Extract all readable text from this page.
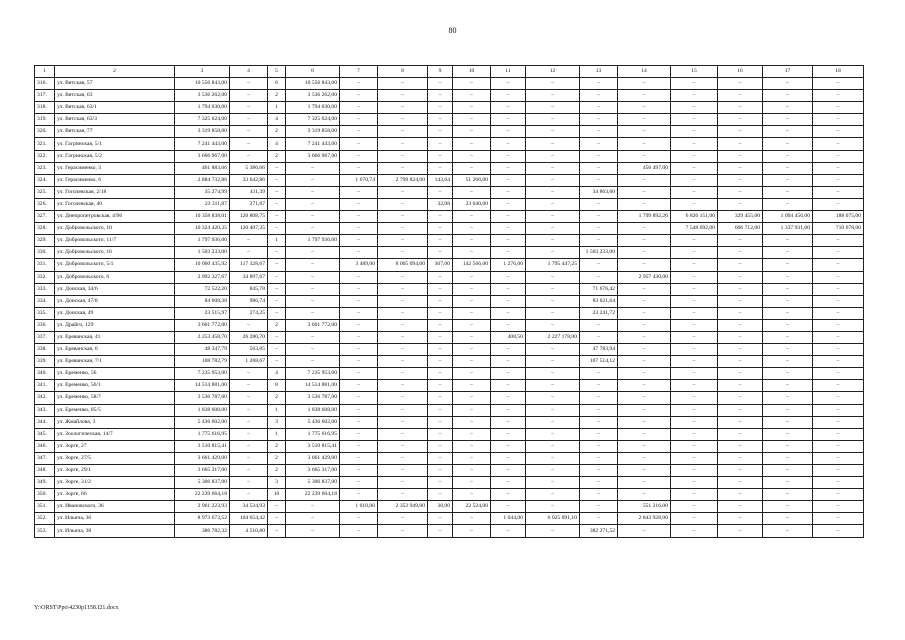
80
1	2	3	4	5	6	7	8	9	10	11	12	13	14	15	16	17	18
316.	ул. Вятская, 57	10 556 843,00	–	6	10 556 843,00	–	–	–	–	–	–	–	–	–	–	–	–
317.	ул. Вятская, 63	3 536 262,00	–	2	3 536 262,00	–	–	–	–	–	–	–	–	–	–	–	–
318.	ул. Вятская, 63/1	1 794 030,00	–	1	1 794 030,00	–	–	–	–	–	–	–	–	–	–	–	–
319.	ул. Вятская, 63/3	7 325 624,00	–	4	7 325 624,00	–	–	–	–	–	–	–	–	–	–	–	–
320.	ул. Вятская, 77	3 319 858,00	–	2	3 319 858,00	–	–	–	–	–	–	–	–	–	–	–	–
321.	ул. Гагринская, 5/1	7 241 443,00	–	4	7 241 443,00	–	–	–	–	–	–	–	–	–	–	–	–
322.	ул. Гагринская, 5/2	3 666 967,00	–	2	3 666 967,00	–	–	–	–	–	–	–	–	–	–	–	–
323.	ул. Герасименко, 3	461 883,66	5 386,66	–	–	–	–	–	–	–	–	–	456 497,00	–	–	–	–
324.	ул. Герасименко, 6	2 884 732,86	33 642,86	–	–	1 670,74	2 799 824,00	143,64	51 266,00	–	–	–	–	–	–	–	–
325.	ул. Гоголевская, 2/18	35 274,99	411,39	–	–	–	–	–	–	–	–	34 863,60	–	–	–	–	–
326.	ул. Гоголевская, 40	23 311,87	271,87	–	–	–	–	32,08	23 040,00	–	–	–	–	–	–	–	–
327.	ул. Днепропетровская, 4/96	10 358 838,01	120 808,75	–	–	–	–	–	–	–	–	–	1 799 892,26	6 826 151,00	329 455,00	1 094 456,00	188 075,00
328.	ул. Добровольского, 10	10 324 420,35	120 407,35	–	–	–	–	–	–	–	–	–	–	7 548 692,00	606 712,00	1 337 931,00	710 678,00
329.	ул. Добровольского, 11/7	1 797 936,00	–	1	1 797 936,00	–	–	–	–	–	–	–	–	–	–	–	–
330.	ул. Добровольского, 16	1 503 233,00	–	–	–	–	–	–	–	–	–	1 503 233,00	–	–	–	–	–
331.	ул. Добровольского, 5/1	10 060 435,92	117 328,67	–	–	3 489,00	8 005 094,00	367,00	142 566,00	1 276,00	1 795 447,25	–	–	–	–	–	–
332.	ул. Добровольского, 6	2 992 327,67	34 897,67	–	–	–	–	–	–	–	–	–	2 957 430,00	–	–	–	–
333.	ул. Донская, 34/6	72 522,20	845,78	–	–	–	–	–	–	–	–	71 676,42	–	–	–	–	–
334.	ул. Донская, 47/8	84 608,38	986,74	–	–	–	–	–	–	–	–	83 621,64	–	–	–	–	–
335.	ул. Донская, 49	23 515,97	274,25	–	–	–	–	–	–	–	–	23 241,72	–	–	–	–	–
336.	ул. Драйго, 129	3 601 772,00	–	2	3 601 772,00	–	–	–	–	–	–	–	–	–	–	–	–
337.	ул. Ереванская, 41	2 253 458,70	26 280,70	–	–	–	–	–	–	408,50	2 227 178,00	–	–	–	–	–	–
338.	ул. Ереванская, 6	48 347,79	563,85	–	–	–	–	–	–	–	–	47 783,94	–	–	–	–	–
339.	ул. Ереванская, 7/1	108 782,79	1 268,67	–	–	–	–	–	–	–	–	107 514,12	–	–	–	–	–
340.	ул. Еременко, 56	7 235 953,00	–	4	7 235 953,00	–	–	–	–	–	–	–	–	–	–	–	–
341.	ул. Еременко, 56/1	14 514 881,00	–	8	14 514 881,00	–	–	–	–	–	–	–	–	–	–	–	–
342.	ул. Еременко, 58/7	3 536 787,00	–	2	3 536 787,00	–	–	–	–	–	–	–	–	–	–	–	–
343.	ул. Еременко, 85/5	1 838 608,00	–	1	1 838 608,00	–	–	–	–	–	–	–	–	–	–	–	–
344.	ул. Жмайлова, 3	5 436 602,00	–	3	5 436 602,00	–	–	–	–	–	–	–	–	–	–	–	–
345.	ул. Зоологическая, 14/7	1 775 616,95	–	1	1 775 616,95	–	–	–	–	–	–	–	–	–	–	–	–
346.	ул. Зорге, 27	3 510 815,41	–	2	3 510 815,41	–	–	–	–	–	–	–	–	–	–	–	–
347.	ул. Зорге, 27/5	3 661 429,00	–	2	3 661 429,00	–	–	–	–	–	–	–	–	–	–	–	–
348.	ул. Зорге, 29/1	3 665 317,00	–	2	3 665 317,00	–	–	–	–	–	–	–	–	–	–	–	–
349.	ул. Зорге, 31/2	5 306 837,00	–	3	5 306 837,00	–	–	–	–	–	–	–	–	–	–	–	–
350.	ул. Зорге, 66	22 239 664,18	–	10	22 239 664,18	–	–	–	–	–	–	–	–	–	–	–	–
351.	ул. Ивановского, 36	2 961 223,93	34 534,93	–	–	1 010,00	2 352 949,00	38,00	22 524,00	–	–	–	551 216,00	–	–	–	–
352.	ул. Ильича, 36	8 973 673,52	104 654,42	–	–	–	–	–	–	1 044,00	6 025 091,10	–	2 843 928,00	–	–	–	–
353.	ул. Ильича, 38	386 782,32	4 510,80	–	–	–	–	–	–	–	–	382 271,52	–	–	–	–	–
Y:\ORST\Ppo\4230p1158.f21.docx
